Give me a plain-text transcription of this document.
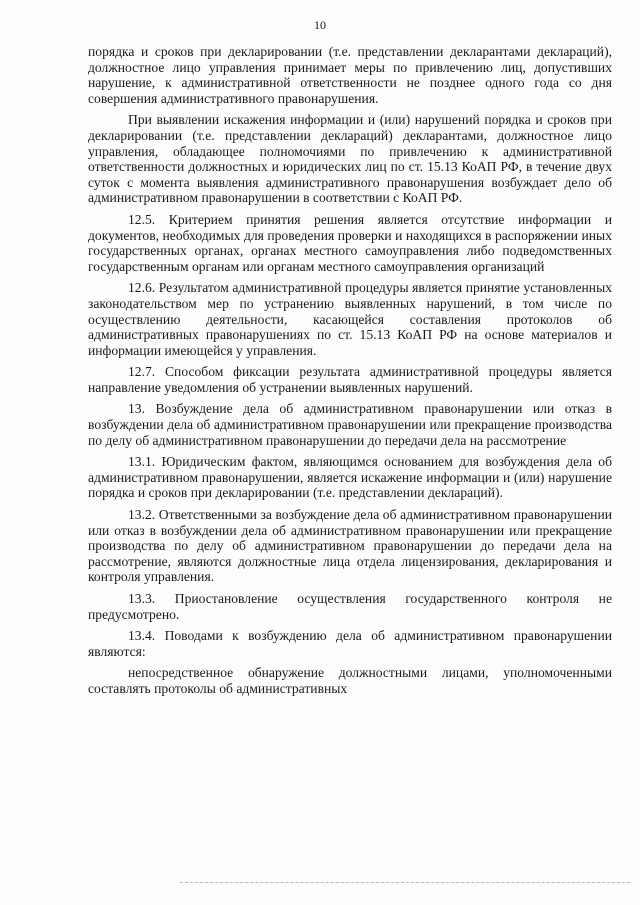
10

порядка и сроков при декларировании (т.е. представлении декларантами деклараций), должностное лицо управления принимает меры по привлечению лиц, допустивших нарушение, к административной ответственности не позднее одного года со дня совершения административного правонарушения.

При выявлении искажения информации и (или) нарушений порядка и сроков при декларировании (т.е. представлении деклараций) декларантами, должностное лицо управления, обладающее полномочиями по привлечению к административной ответственности должностных и юридических лиц по ст. 15.13 КоАП РФ, в течение двух суток с момента выявления административного правонарушения возбуждает дело об административном правонарушении в соответствии с КоАП РФ.

12.5. Критерием принятия решения является отсутствие информации и документов, необходимых для проведения проверки и находящихся в распоряжении иных государственных органах, органах местного самоуправления либо подведомственных государственным органам или органам местного самоуправления организаций

12.6. Результатом административной процедуры является принятие установленных законодательством мер по устранению выявленных нарушений, в том числе по осуществлению деятельности, касающейся составления протоколов об административных правонарушениях по ст. 15.13 КоАП РФ на основе материалов и информации имеющейся у управления.

12.7. Способом фиксации результата административной процедуры является направление уведомления об устранении выявленных нарушений.

13. Возбуждение дела об административном правонарушении или отказ в возбуждении дела об административном правонарушении или прекращение производства по делу об административном правонарушении до передачи дела на рассмотрение

13.1. Юридическим фактом, являющимся основанием для возбуждения дела об административном правонарушении, является искажение информации и (или) нарушение порядка и сроков при декларировании (т.е. представлении деклараций).

13.2. Ответственными за возбуждение дела об административном правонарушении или отказ в возбуждении дела об административном правонарушении или прекращение производства по делу об административном правонарушении до передачи дела на рассмотрение, являются должностные лица отдела лицензирования, декларирования и контроля управления.

13.3. Приостановление осуществления государственного контроля не предусмотрено.

13.4. Поводами к возбуждению дела об административном правонарушении являются:

непосредственное обнаружение должностными лицами, уполномоченными составлять протоколы об административных
